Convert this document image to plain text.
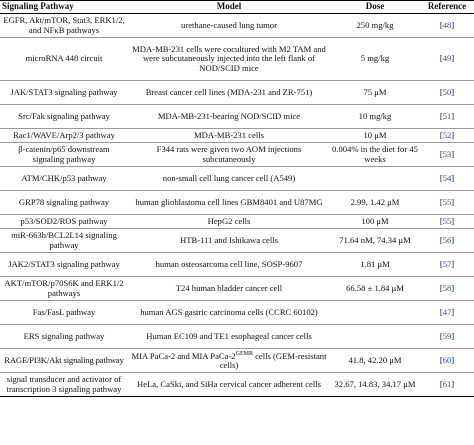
Signaling Pathway	Model	Dose	Reference
EGFR, Akt/mTOR, Stat3, ERK1/2, and NFκB pathways	urethane-caused lung tumor	250 mg/kg	[48]
microRNA 448 circuit	MDA-MB-231 cells were cocultured with M2 TAM and were subcutaneously injected into the left flank of NOD/SCID mice	5 mg/kg	[49]
JAK/STAT3 signaling pathway	Breast cancer cell lines (MDA-231 and ZR-751)	75 μM	[50]
Src/Fak signaling pathway	MDA-MB-231-bearing NOD/SCID mice	10 mg/kg	[51]
Rac1/WAVE/Arp2/3 pathway	MDA-MB-231 cells	10 μM	[52]
β-catenin/p65 downstream signaling pathway	F344 rats were given two AOM injections subcutaneously	0.004% in the diet for 45 weeks	[53]
ATM/CHK/p53 pathway	non-small cell lung cancer cell (A549)		[54]
GRP78 signaling pathway	human glioblastoma cell lines GBM8401 and U87MG	2.99, 1.42 μM	[55]
p53/SOD2/ROS pathway	HepG2 cells	100 μM	[55]
miR-663b/BCL2L14 signaling pathway	HTB-111 and Ishikawa cells	71.64 nM, 74.34 μM	[56]
JAK2/STAT3 signaling pathway	human osteosarcoma cell line, SOSP-9607	1.81 μM	[57]
AKT/mTOR/p70S6K and ERK1/2 pathways	T24 human bladder cancer cell	66.58 ± 1.84 μM	[58]
Fas/FasL pathway	human AGS gastric carcinoma cells (CCRC 60102)		[47]
ERS signaling pathway	Human EC109 and TE1 esophageal cancer cells		[59]
RAGE/PI3K/Akt signaling pathway	MIA PaCa-2 and MIA PaCa-$2^{GEMR}$ cells (GEM-resistant cells)	41.8, 42.20 μM	[60]
signal transducer and activator of transcription 3 signaling pathway	HeLa, CaSki, and SiHa cervical cancer adherent cells	32.67, 14.83, 34.17 μM	[61]
